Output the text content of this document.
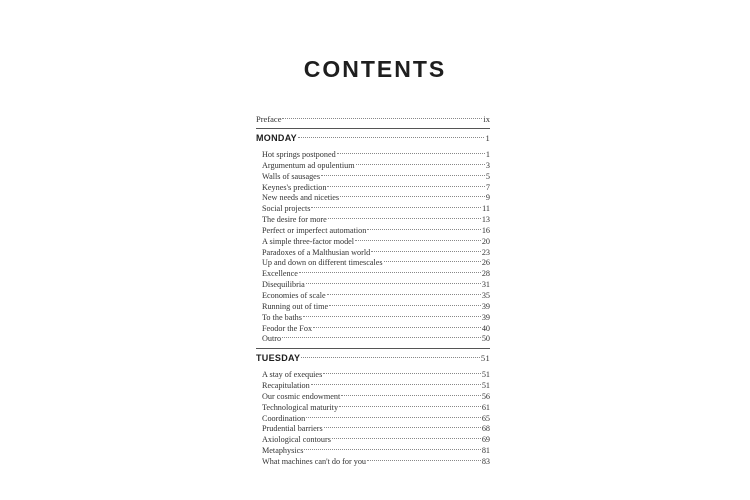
CONTENTS
Preface	ix
MONDAY	1
Hot springs postponed	1
Argumentum ad opulentium	3
Walls of sausages	5
Keynes's prediction	7
New needs and niceties	9
Social projects	11
The desire for more	13
Perfect or imperfect automation	16
A simple three-factor model	20
Paradoxes of a Malthusian world	23
Up and down on different timescales	26
Excellence	28
Disequilibria	31
Economies of scale	35
Running out of time	39
To the baths	39
Feodor the Fox	40
Outro	50
TUESDAY	51
A stay of exequies	51
Recapitulation	51
Our cosmic endowment	56
Technological maturity	61
Coordination	65
Prudential barriers	68
Axiological contours	69
Metaphysics	81
What machines can't do for you	83
